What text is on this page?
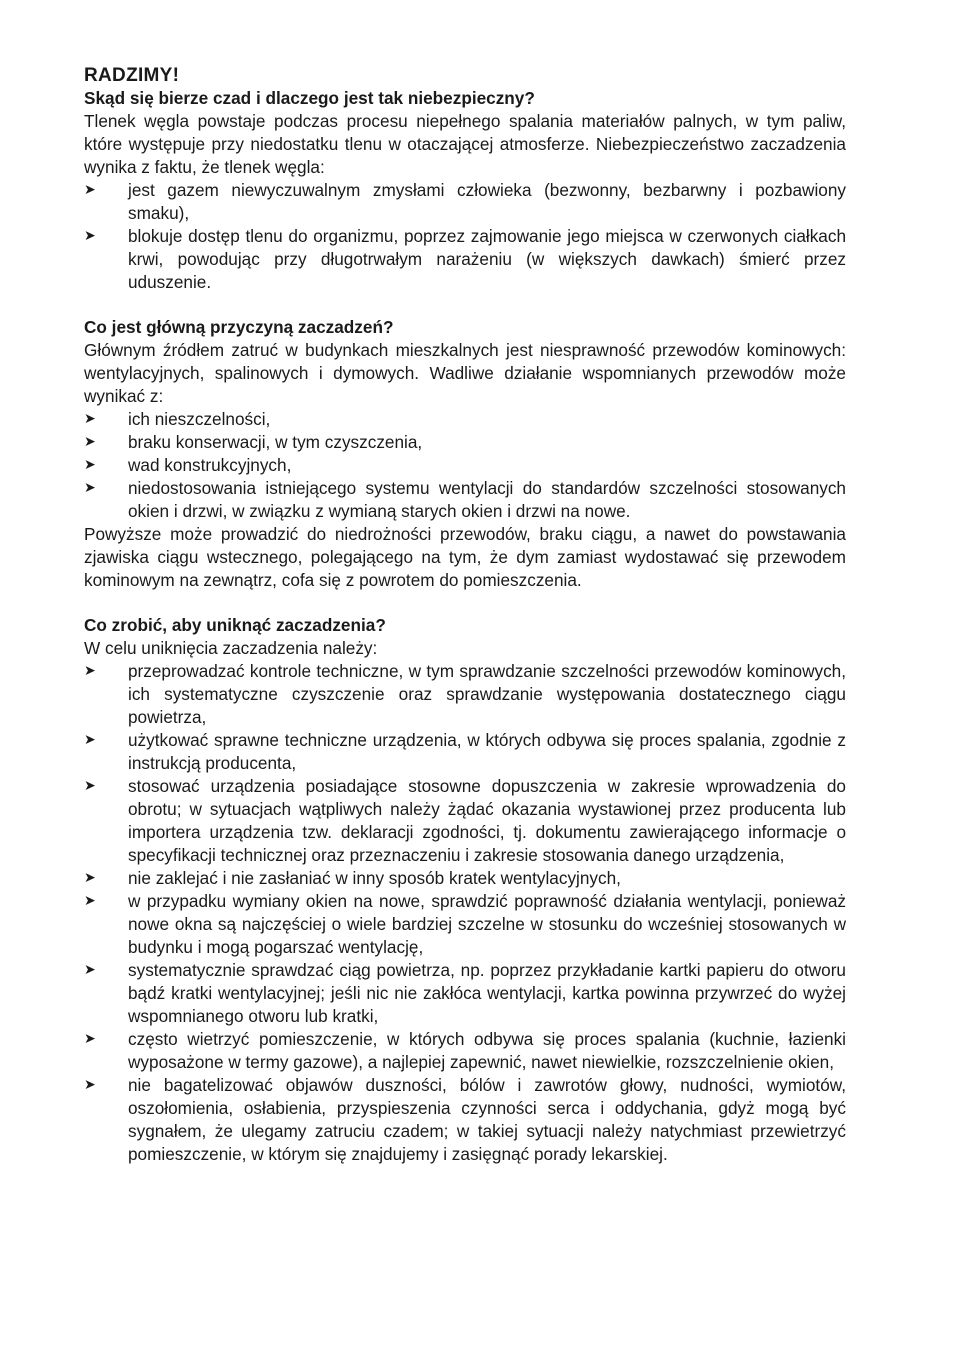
RADZIMY!
Skąd się bierze czad i dlaczego jest tak niebezpieczny?

Tlenek węgla powstaje podczas procesu niepełnego spalania materiałów palnych, w tym paliw, które występuje przy niedostatku tlenu w otaczającej atmosferze. Niebezpieczeństwo zaczadzenia wynika z faktu, że tlenek węgla:

➤ jest gazem niewyczuwalnym zmysłami człowieka (bezwonny, bezbarwny i pozbawiony smaku),
➤ blokuje dostęp tlenu do organizmu, poprzez zajmowanie jego miejsca w czerwonych ciałkach krwi, powodując przy długotrwałym narażeniu (w większych dawkach) śmierć przez uduszenie.
Co jest główną przyczyną zaczadzeń?

Głównym źródłem zatruć w budynkach mieszkalnych jest niesprawność przewodów kominowych: wentylacyjnych, spalinowych i dymowych. Wadliwe działanie wspomnianych przewodów może wynikać z:

➤ ich nieszczelności,
➤ braku konserwacji, w tym czyszczenia,
➤ wad konstrukcyjnych,
➤ niedostosowania istniejącego systemu wentylacji do standardów szczelności stosowanych okien i drzwi, w związku z wymianą starych okien i drzwi na nowe.

Powyższe może prowadzić do niedrożności przewodów, braku ciągu, a nawet do powstawania zjawiska ciągu wstecznego, polegającego na tym, że dym zamiast wydostawać się przewodem kominowym na zewnątrz, cofa się z powrotem do pomieszczenia.

Co zrobić, aby uniknąć zaczadzenia?

W celu uniknięcia zaczadzenia należy:

➤ przeprowadzać kontrole techniczne, w tym sprawdzanie szczelności przewodów kominowych, ich systematyczne czyszczenie oraz sprawdzanie występowania dostatecznego ciągu powietrza,
➤ użytkować sprawne techniczne urządzenia, w których odbywa się proces spalania, zgodnie z instrukcją producenta,
➤ stosować urządzenia posiadające stosowne dopuszczenia w zakresie wprowadzenia do obrotu; w sytuacjach wątpliwych należy żądać okazania wystawionej przez producenta lub importera urządzenia tzw. deklaracji zgodności, tj. dokumentu zawierającego informacje o specyfikacji technicznej oraz przeznaczeniu i zakresie stosowania danego urządzenia,
➤ nie zaklejać i nie zasłaniać w inny sposób kratek wentylacyjnych,
➤ w przypadku wymiany okien na nowe, sprawdzić poprawność działania wentylacji, ponieważ nowe okna są najczęściej o wiele bardziej szczelne w stosunku do wcześniej stosowanych w budynku i mogą pogarszać wentylację,
➤ systematycznie sprawdzać ciąg powietrza, np. poprzez przykładanie kartki papieru do otworu bądź kratki wentylacyjnej; jeśli nic nie zakłóca wentylacji, kartka powinna przywrzeć do wyżej wspomnianego otworu lub kratki,
➤ często wietrzyć pomieszczenie, w których odbywa się proces spalania (kuchnie, łazienki wyposażone w termy gazowe), a najlepiej zapewnić, nawet niewielkie, rozszczelnienie okien,
➤ nie bagatelizować objawów duszności, bólów i zawrotów głowy, nudności, wymiotów, oszołomienia, osłabienia, przyspieszenia czynności serca i oddychania, gdyż mogą być sygnałem, że ulegamy zatruciu czadem; w takiej sytuacji należy natychmiast przewietrzyć pomieszczenie, w którym się znajdujemy i zasięgnąć porady lekarskiej.
